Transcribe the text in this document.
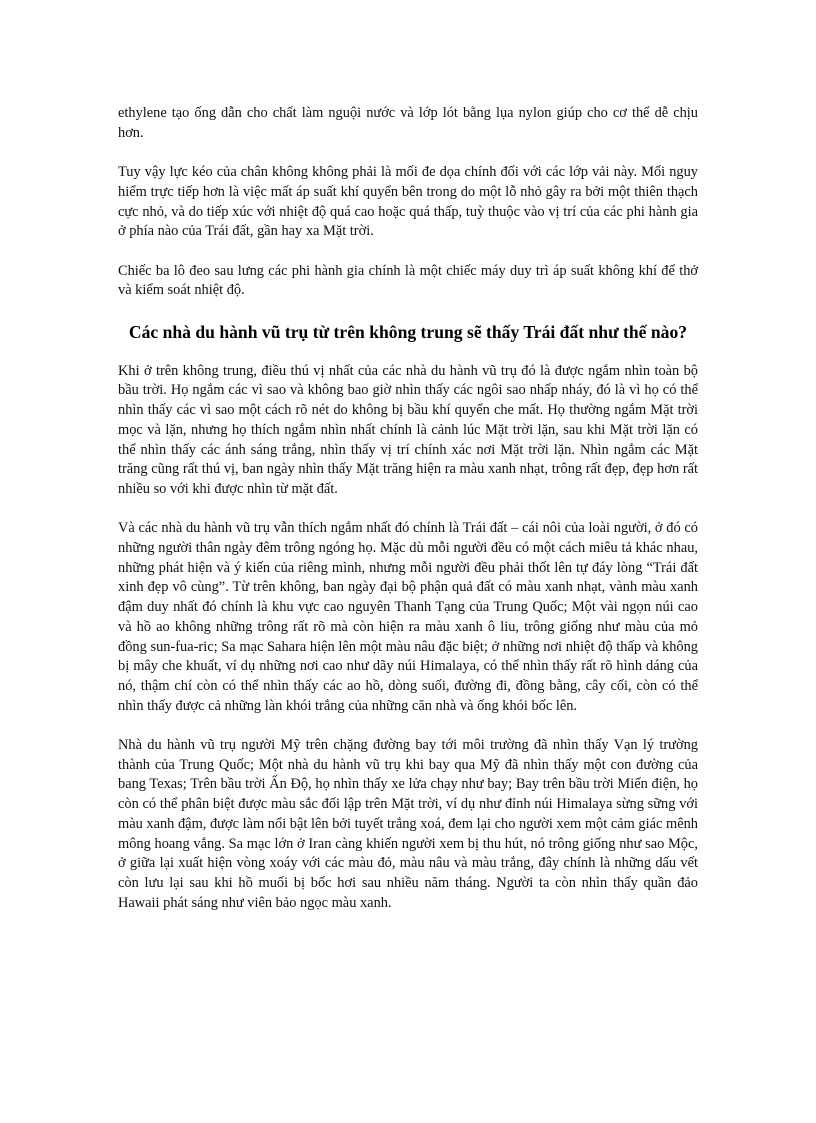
ethylene tạo ống dẫn cho chất làm nguội nước và lớp lót bằng lụa nylon giúp cho cơ thể dễ chịu hơn.

Tuy vậy lực kéo của chân không không phải là mối đe dọa chính đối với các lớp vải này. Mối nguy hiểm trực tiếp hơn là việc mất áp suất khí quyển bên trong do một lỗ nhỏ gây ra bởi một thiên thạch cực nhỏ, và do tiếp xúc với nhiệt độ quá cao hoặc quá thấp, tuỳ thuộc vào vị trí của các phi hành gia ở phía nào của Trái đất, gần hay xa Mặt trời.

Chiếc ba lô đeo sau lưng các phi hành gia chính là một chiếc máy duy trì áp suất không khí để thở và kiểm soát nhiệt độ.

Các nhà du hành vũ trụ từ trên không trung sẽ thấy Trái đất như thế nào?

Khi ở trên không trung, điều thú vị nhất của các nhà du hành vũ trụ đó là được ngắm nhìn toàn bộ bầu trời. Họ ngắm các vì sao và không bao giờ nhìn thấy các ngôi sao nhấp nháy, đó là vì họ có thể nhìn thấy các vì sao một cách rõ nét do không bị bầu khí quyển che mất. Họ thường ngắm Mặt trời mọc và lặn, nhưng họ thích ngắm nhìn nhất chính là cảnh lúc Mặt trời lặn, sau khi Mặt trời lặn có thể nhìn thấy các ánh sáng trắng, nhìn thấy vị trí chính xác nơi Mặt trời lặn. Nhìn ngắm các Mặt trăng cũng rất thú vị, ban ngày nhìn thấy Mặt trăng hiện ra màu xanh nhạt, trông rất đẹp, đẹp hơn rất nhiều so với khi được nhìn từ mặt đất.

Và các nhà du hành vũ trụ vẫn thích ngắm nhất đó chính là Trái đất – cái nôi của loài người, ở đó có những người thân ngày đêm trông ngóng họ. Mặc dù mỗi người đều có một cách miêu tả khác nhau, những phát hiện và ý kiến của riêng mình, nhưng mỗi người đều phải thốt lên tự đáy lòng “Trái đất xinh đẹp vô cùng”. Từ trên không, ban ngày đại bộ phận quả đất có màu xanh nhạt, vành màu xanh đậm duy nhất đó chính là khu vực cao nguyên Thanh Tạng của Trung Quốc; Một vài ngọn núi cao và hồ ao không những trông rất rõ mà còn hiện ra màu xanh ô liu, trông giống như màu của mỏ đồng sun-fua-ric; Sa mạc Sahara hiện lên một màu nâu đặc biệt; ở những nơi nhiệt độ thấp và không bị mây che khuất, ví dụ những nơi cao như dãy núi Himalaya, có thể nhìn thấy rất rõ hình dáng của nó, thậm chí còn có thể nhìn thấy các ao hồ, dòng suối, đường đi, đồng bằng, cây cối, còn có thể nhìn thấy được cả những làn khói trắng của những căn nhà và ống khói bốc lên.

Nhà du hành vũ trụ người Mỹ trên chặng đường bay tới môi trường đã nhìn thấy Vạn lý trường thành của Trung Quốc; Một nhà du hành vũ trụ khi bay qua Mỹ đã nhìn thấy một con đường của bang Texas; Trên bầu trời Ấn Độ, họ nhìn thấy xe lửa chạy như bay; Bay trên bầu trời Miến điện, họ còn có thể phân biệt được màu sắc đối lập trên Mặt trời, ví dụ như đỉnh núi Himalaya sừng sững với màu xanh đậm, được làm nổi bật lên bởi tuyết trắng xoá, đem lại cho người xem một cảm giác mênh mông hoang vắng. Sa mạc lớn ở Iran càng khiến người xem bị thu hút, nó trông giống như sao Mộc, ở giữa lại xuất hiện vòng xoáy với các màu đỏ, màu nâu và màu trắng, đây chính là những dấu vết còn lưu lại sau khi hồ muối bị bốc hơi sau nhiều năm tháng. Người ta còn nhìn thấy quần đảo Hawaii phát sáng như viên bảo ngọc màu xanh.
